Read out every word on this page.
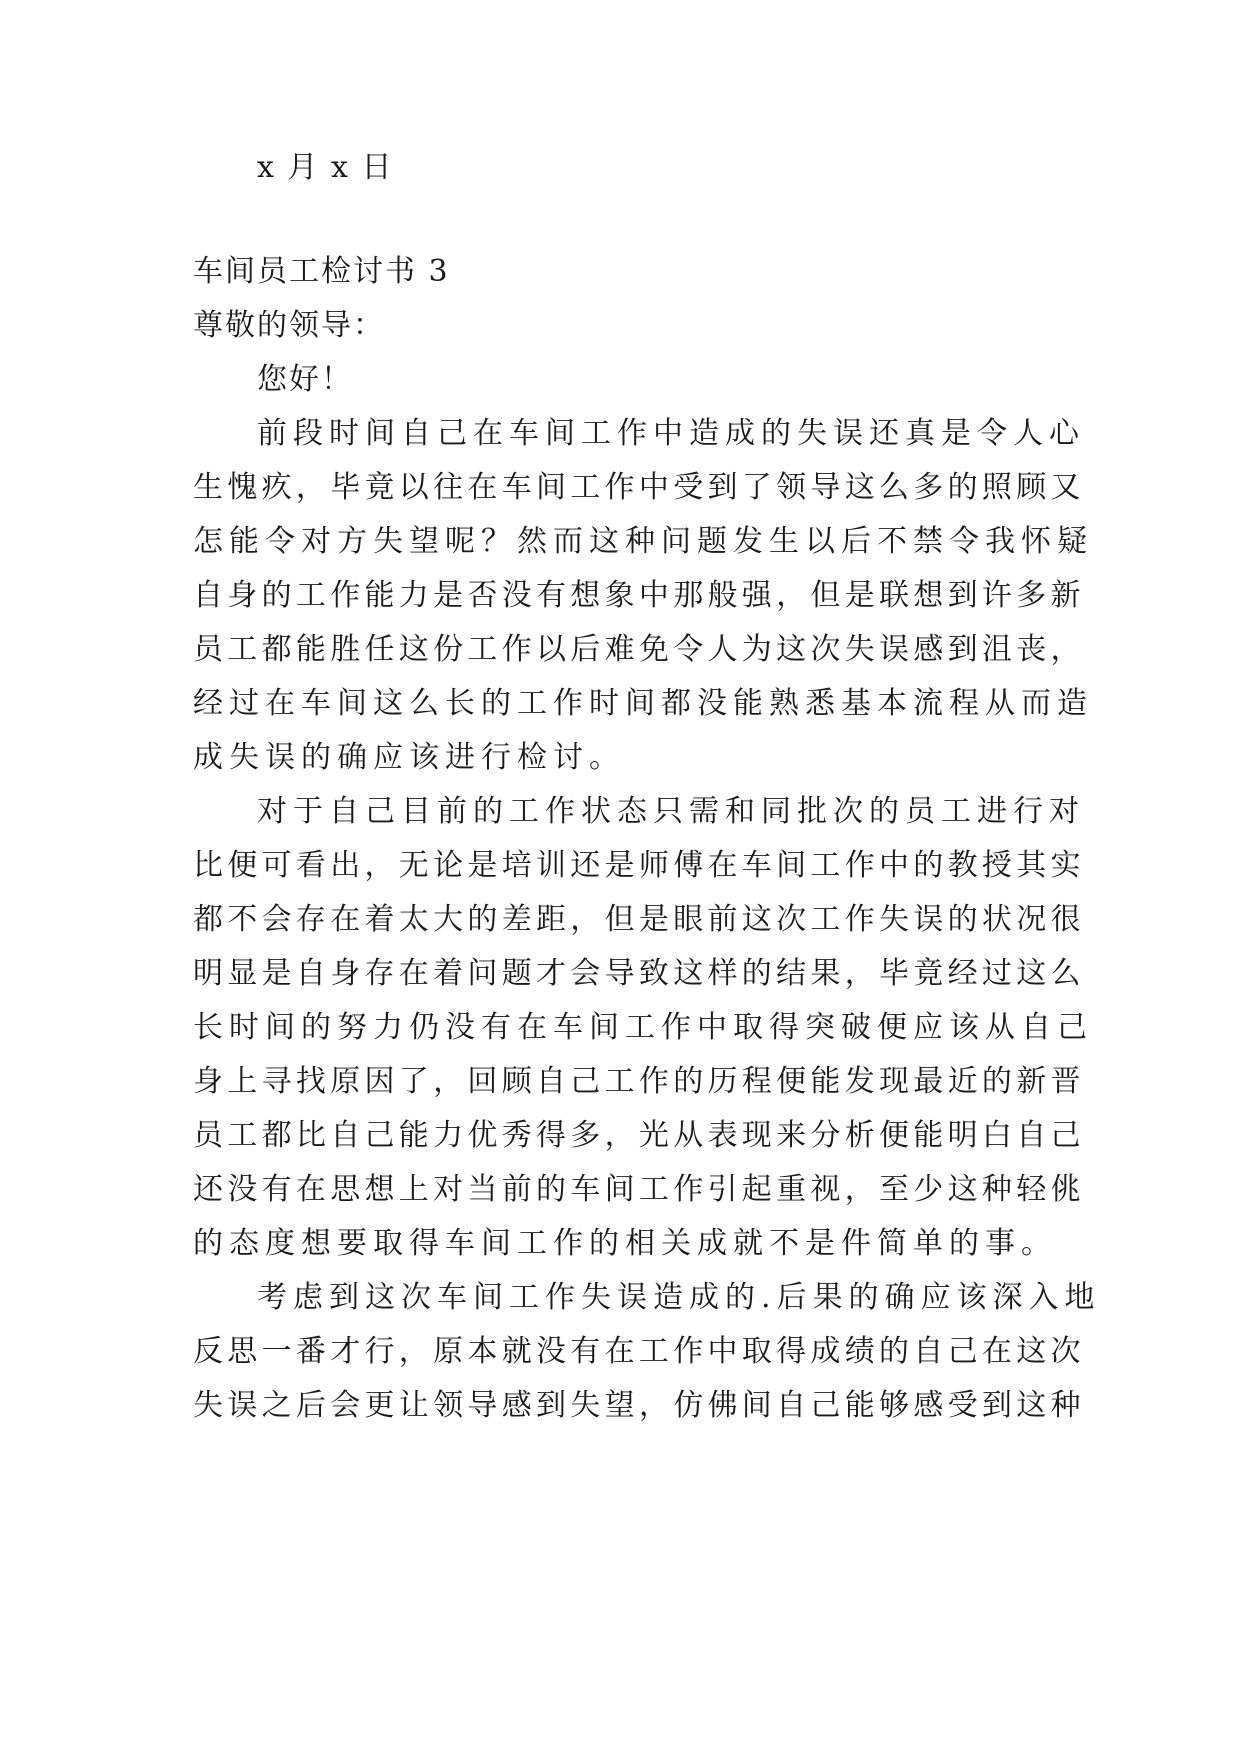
x 月 x 日
车间员工检讨书 3
尊敬的领导：
您好！
前段时间自己在车间工作中造成的失误还真是令人心
生愧疚，毕竟以往在车间工作中受到了领导这么多的照顾又
怎能令对方失望呢？然而这种问题发生以后不禁令我怀疑
自身的工作能力是否没有想象中那般强，但是联想到许多新
员工都能胜任这份工作以后难免令人为这次失误感到沮丧，
经过在车间这么长的工作时间都没能熟悉基本流程从而造
成失误的确应该进行检讨。
对于自己目前的工作状态只需和同批次的员工进行对
比便可看出，无论是培训还是师傅在车间工作中的教授其实
都不会存在着太大的差距，但是眼前这次工作失误的状况很
明显是自身存在着问题才会导致这样的结果，毕竟经过这么
长时间的努力仍没有在车间工作中取得突破便应该从自己
身上寻找原因了，回顾自己工作的历程便能发现最近的新晋
员工都比自己能力优秀得多，光从表现来分析便能明白自己
还没有在思想上对当前的车间工作引起重视，至少这种轻佻
的态度想要取得车间工作的相关成就不是件简单的事。
考虑到这次车间工作失误造成的.后果的确应该深入地
反思一番才行，原本就没有在工作中取得成绩的自己在这次
失误之后会更让领导感到失望，仿佛间自己能够感受到这种
